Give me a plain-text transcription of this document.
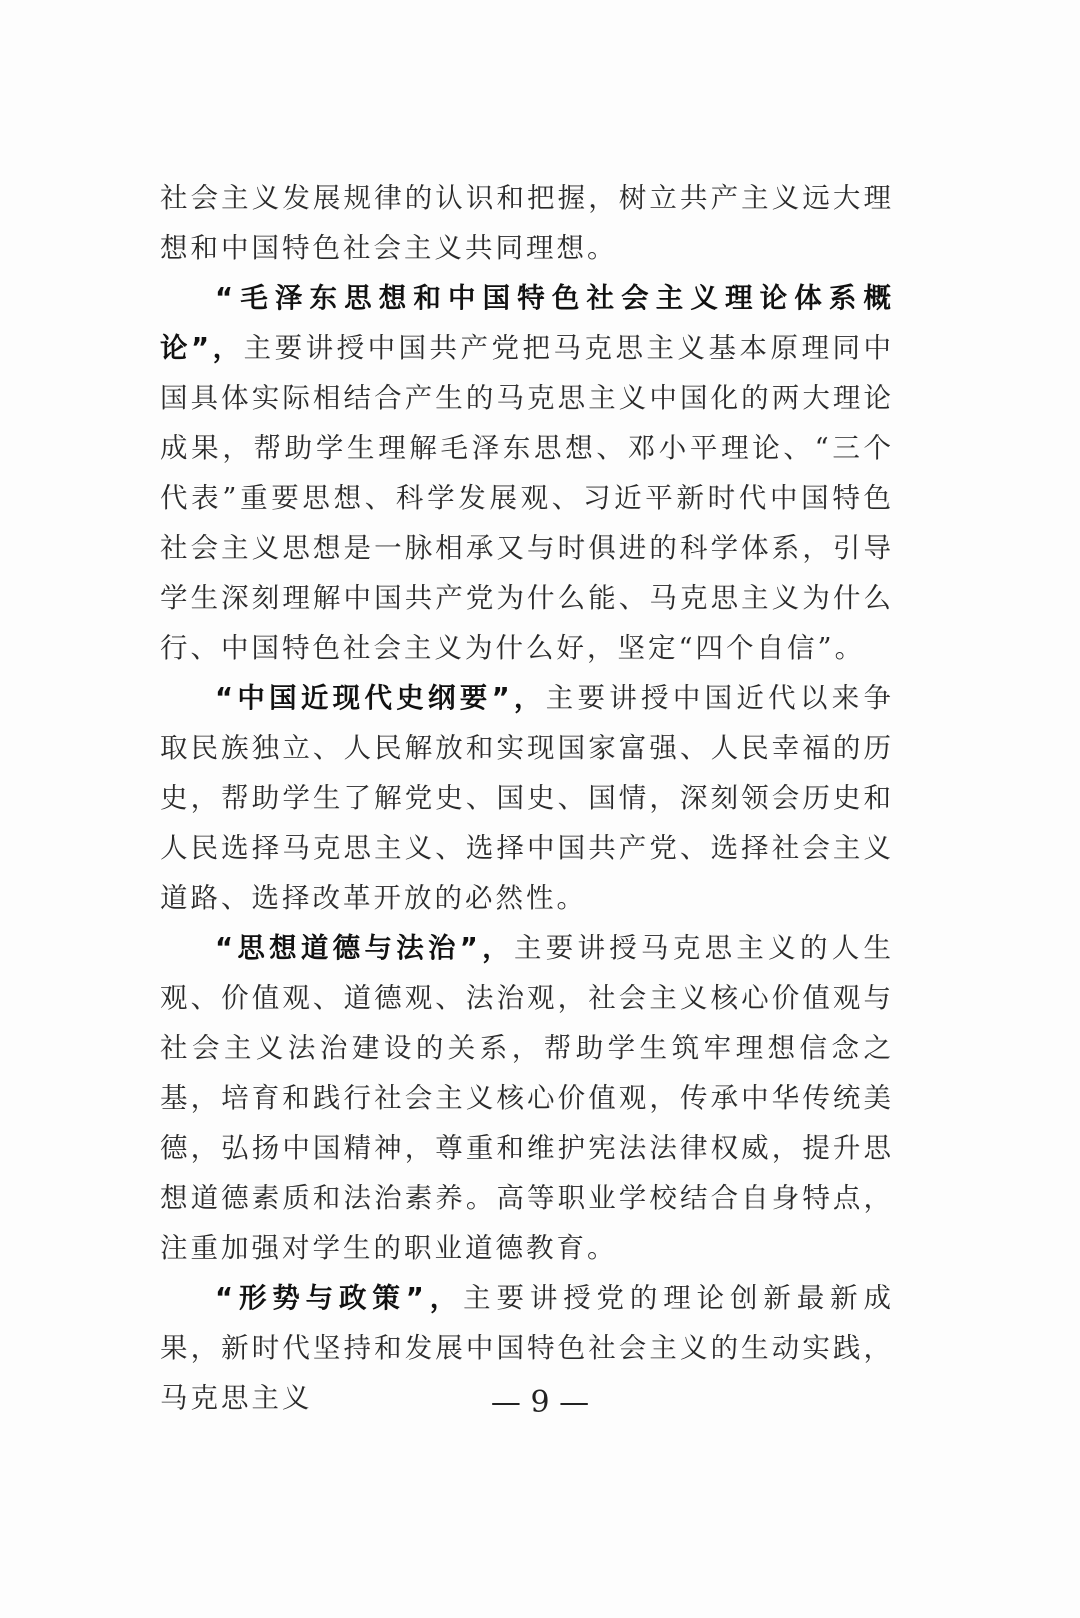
社会主义发展规律的认识和把握，树立共产主义远大理想和中国特色社会主义共同理想。

“毛泽东思想和中国特色社会主义理论体系概论”，主要讲授中国共产党把马克思主义基本原理同中国具体实际相结合产生的马克思主义中国化的两大理论成果，帮助学生理解毛泽东思想、邓小平理论、“三个代表”重要思想、科学发展观、习近平新时代中国特色社会主义思想是一脉相承又与时俱进的科学体系，引导学生深刻理解中国共产党为什么能、马克思主义为什么行、中国特色社会主义为什么好，坚定“四个自信”。

“中国近现代史纲要”，主要讲授中国近代以来争取民族独立、人民解放和实现国家富强、人民幸福的历史，帮助学生了解党史、国史、国情，深刻领会历史和人民选择马克思主义、选择中国共产党、选择社会主义道路、选择改革开放的必然性。

“思想道德与法治”，主要讲授马克思主义的人生观、价值观、道德观、法治观，社会主义核心价值观与社会主义法治建设的关系，帮助学生筑牢理想信念之基，培育和践行社会主义核心价值观，传承中华传统美德，弘扬中国精神，尊重和维护宪法法律权威，提升思想道德素质和法治素养。高等职业学校结合自身特点，注重加强对学生的职业道德教育。

“形势与政策”，主要讲授党的理论创新最新成果，新时代坚持和发展中国特色社会主义的生动实践，马克思主义	— 9 —
